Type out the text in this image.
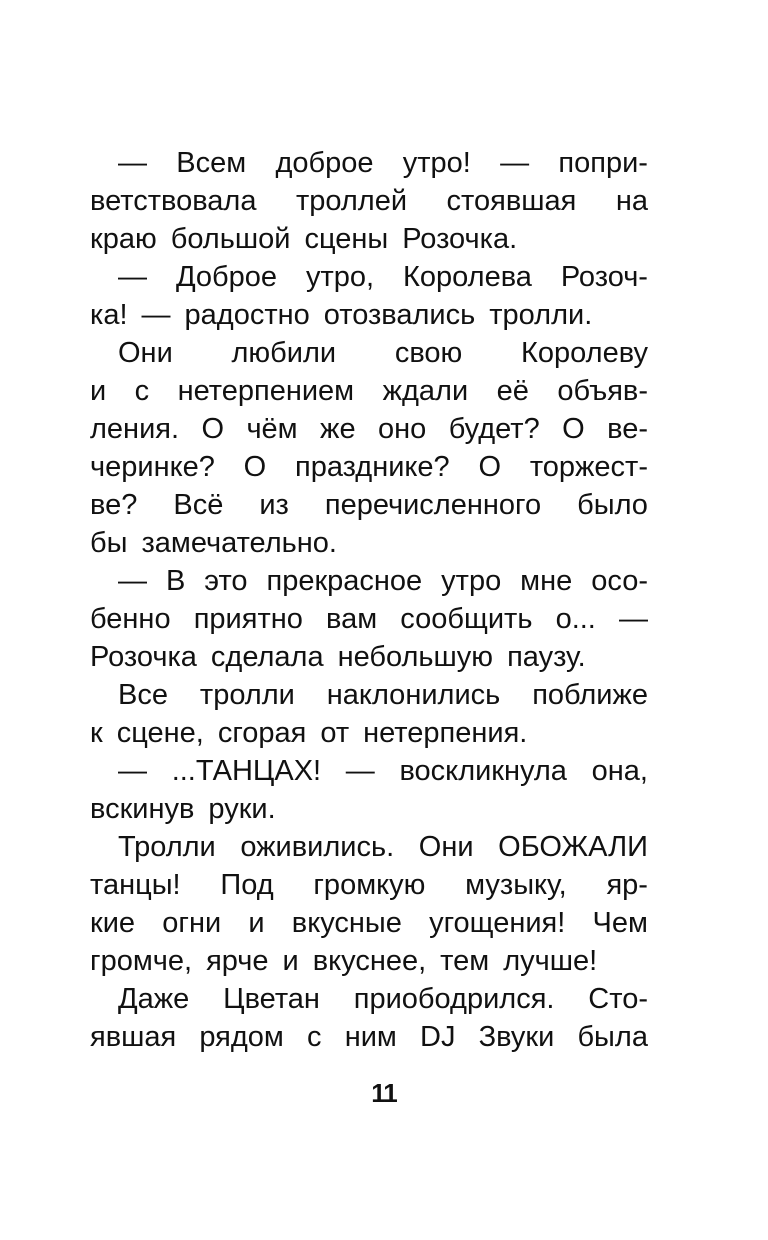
— Всем доброе утро! — попри-
ветствовала троллей стоявшая на
краю большой сцены Розочка.
— Доброе утро, Королева Розоч-
ка! — радостно отозвались тролли.
Они любили свою Королеву
и с нетерпением ждали её объяв-
ления. О чём же оно будет? О ве-
черинке? О празднике? О торжест-
ве? Всё из перечисленного было
бы замечательно.
— В это прекрасное утро мне осо-
бенно приятно вам сообщить о... —
Розочка сделала небольшую паузу.
Все тролли наклонились поближе
к сцене, сгорая от нетерпения.
— ...ТАНЦАХ! — воскликнула она,
вскинув руки.
Тролли оживились. Они ОБОЖАЛИ
танцы! Под громкую музыку, яр-
кие огни и вкусные угощения! Чем
громче, ярче и вкуснее, тем лучше!
Даже Цветан приободрился. Сто-
явшая рядом с ним DJ Звуки была
11
